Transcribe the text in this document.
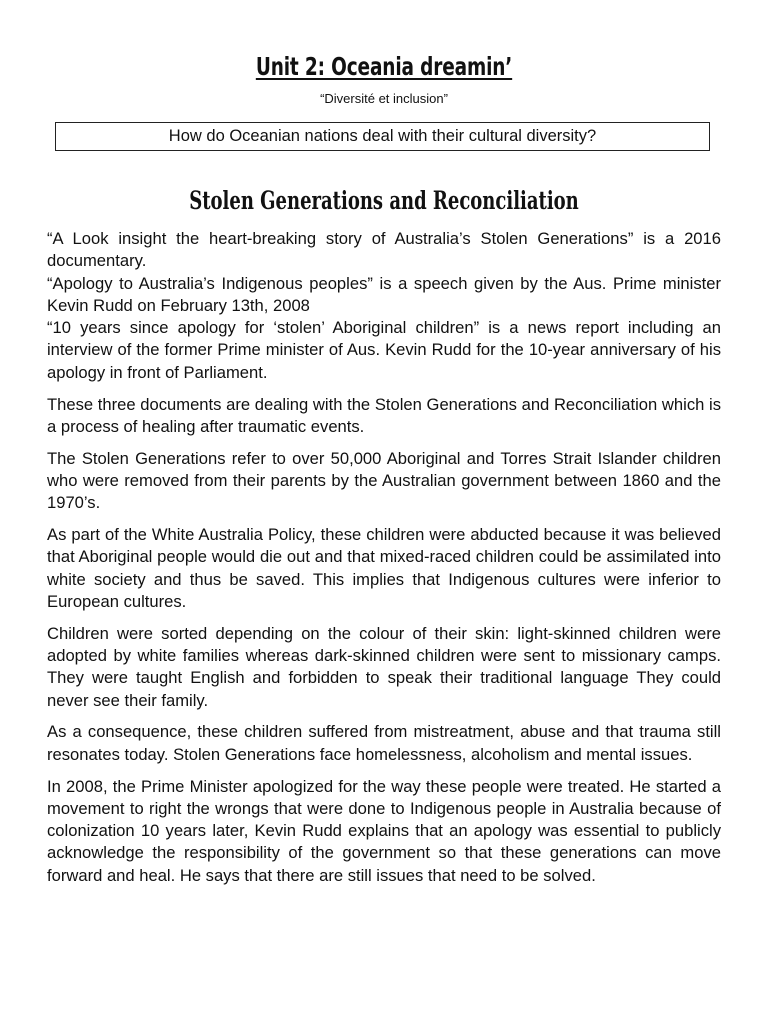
Unit 2: Oceania dreamin’
“Diversité et inclusion”
How do Oceanian nations deal with their cultural diversity?
Stolen Generations and Reconciliation

“A Look insight the heart-breaking story of Australia’s Stolen Generations” is a 2016 documentary.

“Apology to Australia’s Indigenous peoples” is a speech given by the Aus. Prime minister Kevin Rudd on February 13th, 2008

“10 years since apology for ‘stolen’ Aboriginal children” is a news report including an interview of the former Prime minister of Aus. Kevin Rudd for the 10-year anniversary of his apology in front of Parliament.

These three documents are dealing with the Stolen Generations and Reconciliation which is a process of healing after traumatic events.

The Stolen Generations refer to over 50,000 Aboriginal and Torres Strait Islander children who were removed from their parents by the Australian government between 1860 and the 1970’s.

As part of the White Australia Policy, these children were abducted because it was believed that Aboriginal people would die out and that mixed-raced children could be assimilated into white society and thus be saved. This implies that Indigenous cultures were inferior to European cultures.

Children were sorted depending on the colour of their skin: light-skinned children were adopted by white families whereas dark-skinned children were sent to missionary camps. They were taught English and forbidden to speak their traditional language They could never see their family.

As a consequence, these children suffered from mistreatment, abuse and that trauma still resonates today. Stolen Generations face homelessness, alcoholism and mental issues.

In 2008, the Prime Minister apologized for the way these people were treated. He started a movement to right the wrongs that were done to Indigenous people in Australia because of colonization 10 years later, Kevin Rudd explains that an apology was essential to publicly acknowledge the responsibility of the government so that these generations can move forward and heal. He says that there are still issues that need to be solved.
